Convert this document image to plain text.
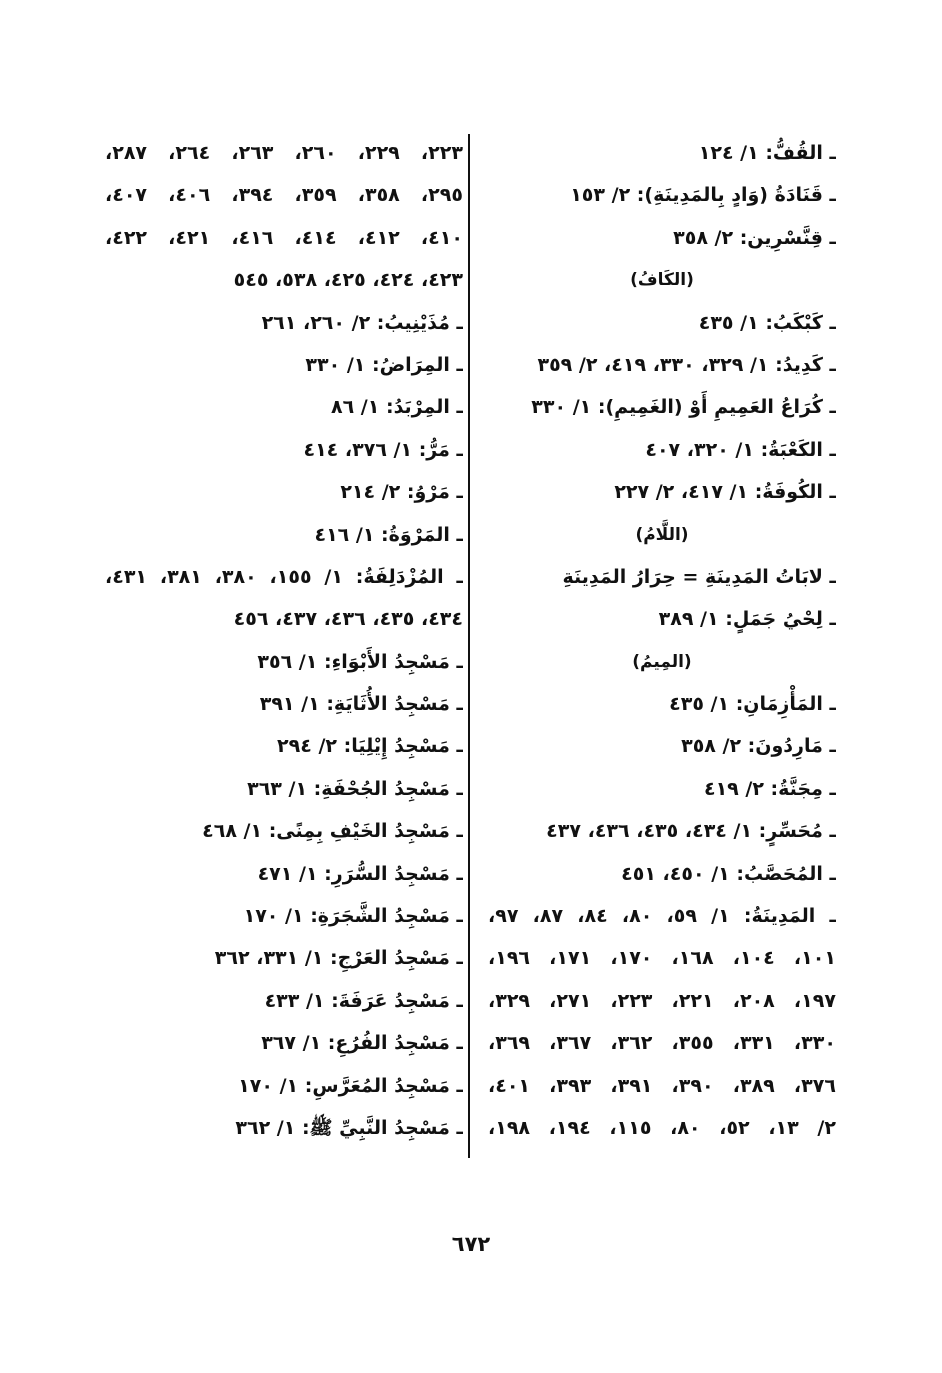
ـ القُفُّ: ١/ ١٢٤
ـ قَنَادَةُ (وَادٍ بِالمَدِينَةِ): ٢/ ١٥٣
ـ قِنَّسْرِين: ٢/ ٣٥٨
(الكَافُ)
ـ كَبْكَبُ: ١/ ٤٣٥
ـ كَدِيدُ: ١/ ٣٢٩، ٣٣٠، ٤١٩، ٢/ ٣٥٩
ـ كُرَاعُ العَمِيمِ أَوْ (الغَمِيمِ): ١/ ٣٣٠
ـ الكَعْبَةُ: ١/ ٣٢٠، ٤٠٧
ـ الكُوفَةُ: ١/ ٤١٧، ٢/ ٢٢٧
(اللَّامُ)
ـ لابَاتُ المَدِينَةِ = حِرَارُ المَدِينَةِ
ـ لِحْيُ جَمَلٍ: ١/ ٣٨٩
(المِيمُ)
ـ المَأْزِمَانِ: ١/ ٤٣٥
ـ مَارِدُونَ: ٢/ ٣٥٨
ـ مِجَنَّةُ: ٢/ ٤١٩
ـ مُحَسِّرٍ: ١/ ٤٣٤، ٤٣٥، ٤٣٦، ٤٣٧
ـ المُحَصَّبُ: ١/ ٤٥٠، ٤٥١
ـ المَدِينَةُ: ١/ ٥٩، ٨٠، ٨٤، ٨٧، ٩٧،
١٠١، ١٠٤، ١٦٨، ١٧٠، ١٧١، ١٩٦،
١٩٧، ٢٠٨، ٢٢١، ٢٢٣، ٢٧١، ٣٢٩،
٣٣٠، ٣٣١، ٣٥٥، ٣٦٢، ٣٦٧، ٣٦٩،
٣٧٦، ٣٨٩، ٣٩٠، ٣٩١، ٣٩٣، ٤٠١،
٢/ ١٣، ٥٢، ٨٠، ١١٥، ١٩٤، ١٩٨،
٢٢٣، ٢٢٩، ٢٦٠، ٢٦٣، ٢٦٤، ٢٨٧،
٢٩٥، ٣٥٨، ٣٥٩، ٣٩٤، ٤٠٦، ٤٠٧،
٤١٠، ٤١٢، ٤١٤، ٤١٦، ٤٢١، ٤٢٢،
٤٢٣، ٤٢٤، ٤٢٥، ٥٣٨، ٥٤٥
ـ مُذَيْنِيبُ: ٢/ ٢٦٠، ٢٦١
ـ المِرَاضُ: ١/ ٣٣٠
ـ المِرْبَدُ: ١/ ٨٦
ـ مَرُّ: ١/ ٣٧٦، ٤١٤
ـ مَرْوُ: ٢/ ٢١٤
ـ المَرْوَةُ: ١/ ٤١٦
ـ المُزْدَلِفَةُ: ١/ ١٥٥، ٣٨٠، ٣٨١، ٤٣١،
٤٣٤، ٤٣٥، ٤٣٦، ٤٣٧، ٤٥٦
ـ مَسْجِدُ الأَبْوَاءِ: ١/ ٣٥٦
ـ مَسْجِدُ الأُثَايَةِ: ١/ ٣٩١
ـ مَسْجِدُ إِيْلِيَا: ٢/ ٢٩٤
ـ مَسْجِدُ الجُحْفَةِ: ١/ ٣٦٣
ـ مَسْجِدُ الخَيْفِ بِمِنًى: ١/ ٤٦٨
ـ مَسْجِدُ السُّرَرِ: ١/ ٤٧١
ـ مَسْجِدُ الشَّجَرَةِ: ١/ ١٧٠
ـ مَسْجِدُ العَرْجِ: ١/ ٣٣١، ٣٦٢
ـ مَسْجِدُ عَرَفَةَ: ١/ ٤٣٣
ـ مَسْجِدُ الفُرُعِ: ١/ ٣٦٧
ـ مَسْجِدُ المُعَرَّسِ: ١/ ١٧٠
ـ مَسْجِدُ النَّبِيِّ ﷺ: ١/ ٣٦٢
٦٧٢
